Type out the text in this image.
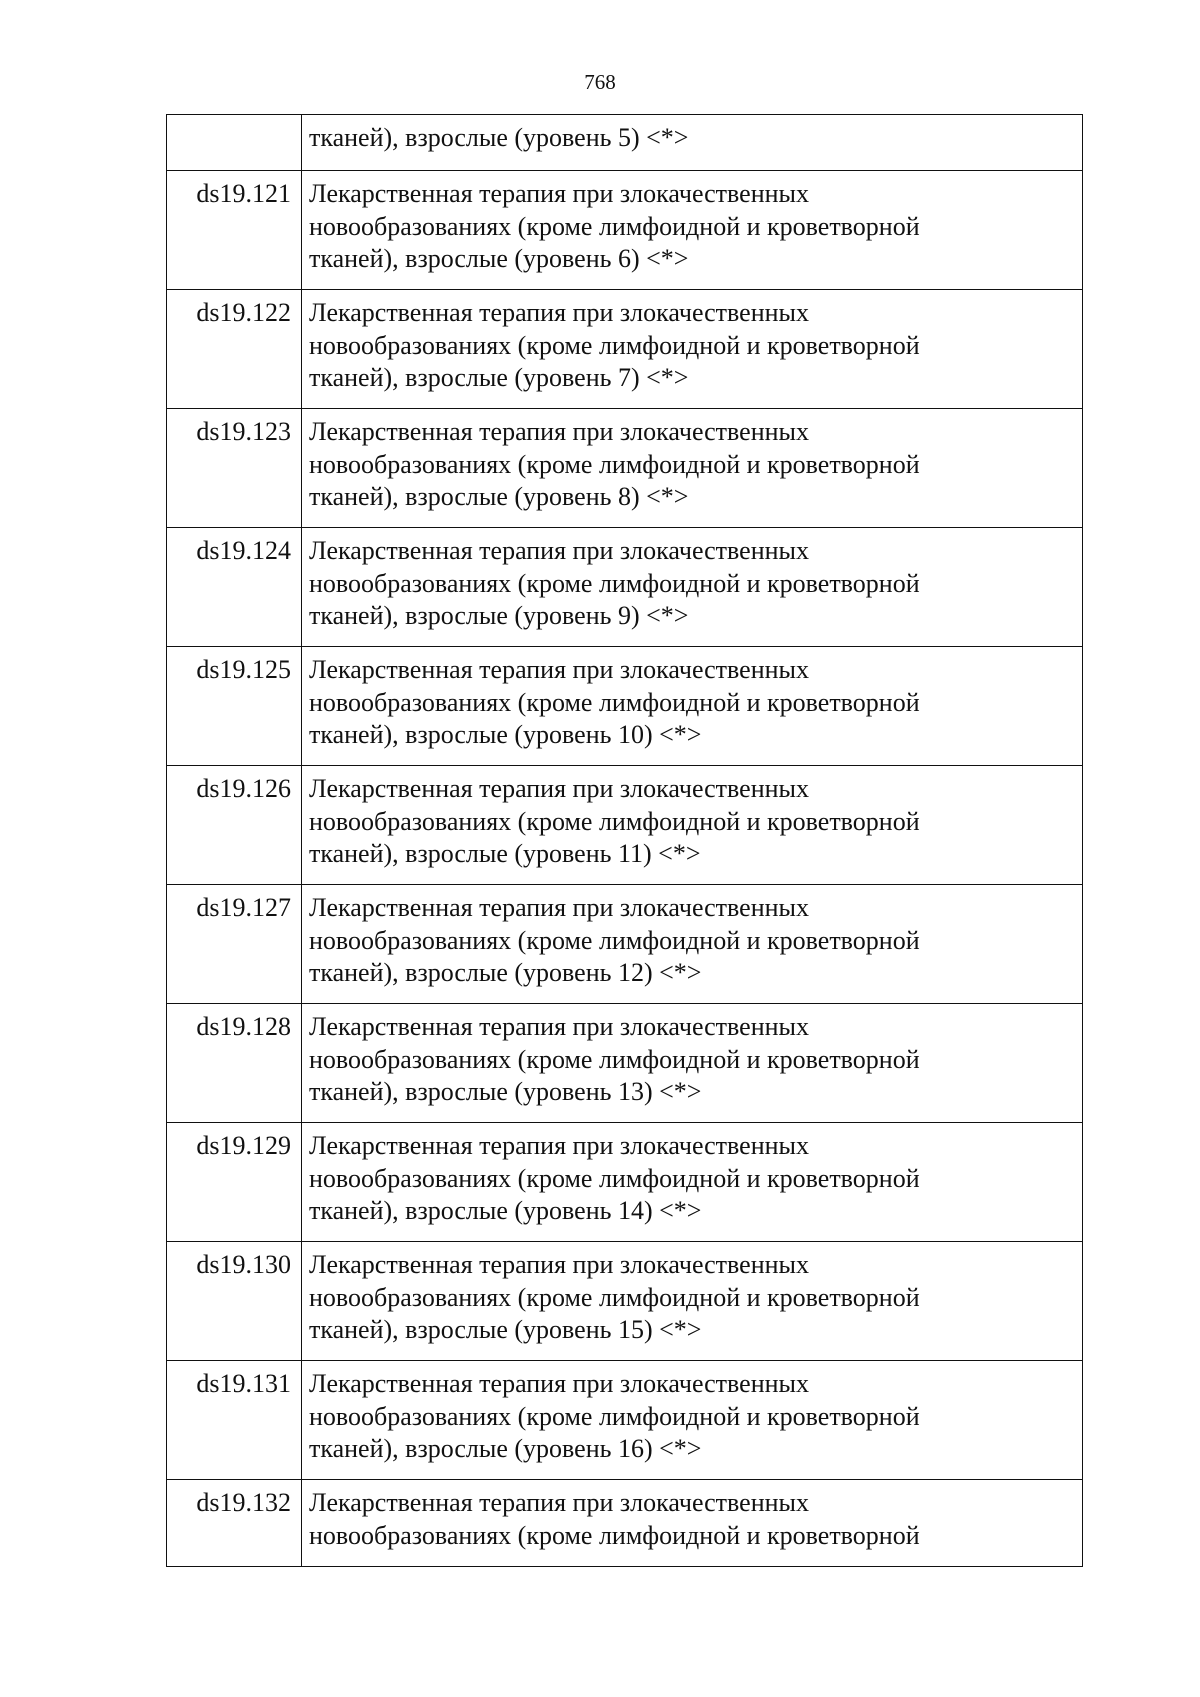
768

	тканей), взрослые (уровень 5) <*>

ds19.121	Лекарственная терапия при злокачественных
новообразованиях (кроме лимфоидной и кроветворной
тканей), взрослые (уровень 6) <*>

ds19.122	Лекарственная терапия при злокачественных
новообразованиях (кроме лимфоидной и кроветворной
тканей), взрослые (уровень 7) <*>

ds19.123	Лекарственная терапия при злокачественных
новообразованиях (кроме лимфоидной и кроветворной
тканей), взрослые (уровень 8) <*>

ds19.124	Лекарственная терапия при злокачественных
новообразованиях (кроме лимфоидной и кроветворной
тканей), взрослые (уровень 9) <*>

ds19.125	Лекарственная терапия при злокачественных
новообразованиях (кроме лимфоидной и кроветворной
тканей), взрослые (уровень 10) <*>

ds19.126	Лекарственная терапия при злокачественных
новообразованиях (кроме лимфоидной и кроветворной
тканей), взрослые (уровень 11) <*>

ds19.127	Лекарственная терапия при злокачественных
новообразованиях (кроме лимфоидной и кроветворной
тканей), взрослые (уровень 12) <*>

ds19.128	Лекарственная терапия при злокачественных
новообразованиях (кроме лимфоидной и кроветворной
тканей), взрослые (уровень 13) <*>

ds19.129	Лекарственная терапия при злокачественных
новообразованиях (кроме лимфоидной и кроветворной
тканей), взрослые (уровень 14) <*>

ds19.130	Лекарственная терапия при злокачественных
новообразованиях (кроме лимфоидной и кроветворной
тканей), взрослые (уровень 15) <*>

ds19.131	Лекарственная терапия при злокачественных
новообразованиях (кроме лимфоидной и кроветворной
тканей), взрослые (уровень 16) <*>

ds19.132	Лекарственная терапия при злокачественных
новообразованиях (кроме лимфоидной и кроветворной
